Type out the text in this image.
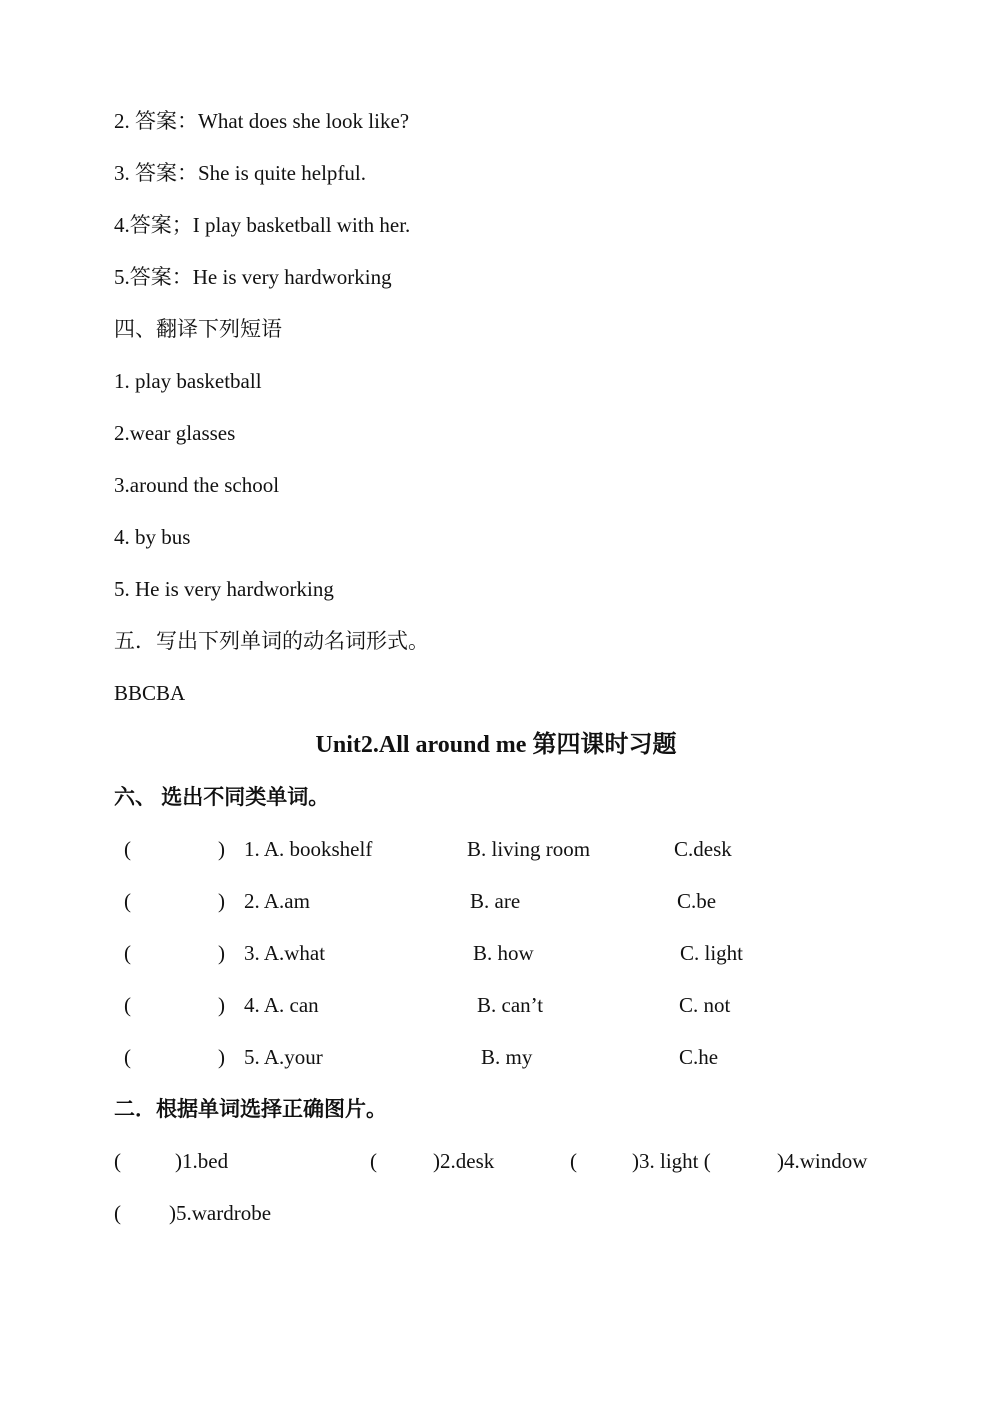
2. 答案：What does she look like?
3. 答案：She is quite helpful.
4.答案；I play basketball with her.
5.答案：He is very hardworking
四、翻译下列短语
1. play basketball
2.wear glasses
3.around the school
4. by bus
5. He is very hardworking
五．写出下列单词的动名词形式。
BBCBA
Unit2.All around me 第四课时习题
六、 选出不同类单词。
(	) 1. A. bookshelf	B. living room	C.desk
(	) 2. A.am	B. are	C.be
(	) 3. A.what	B. how	C. light
(	) 4. A. can	B. can’t	C. not
(	) 5. A.your	B. my	C.he
二．根据单词选择正确图片。
(	)1.bed	(	)2.desk	(	)3. light (	)4.window
( )5.wardrobe
